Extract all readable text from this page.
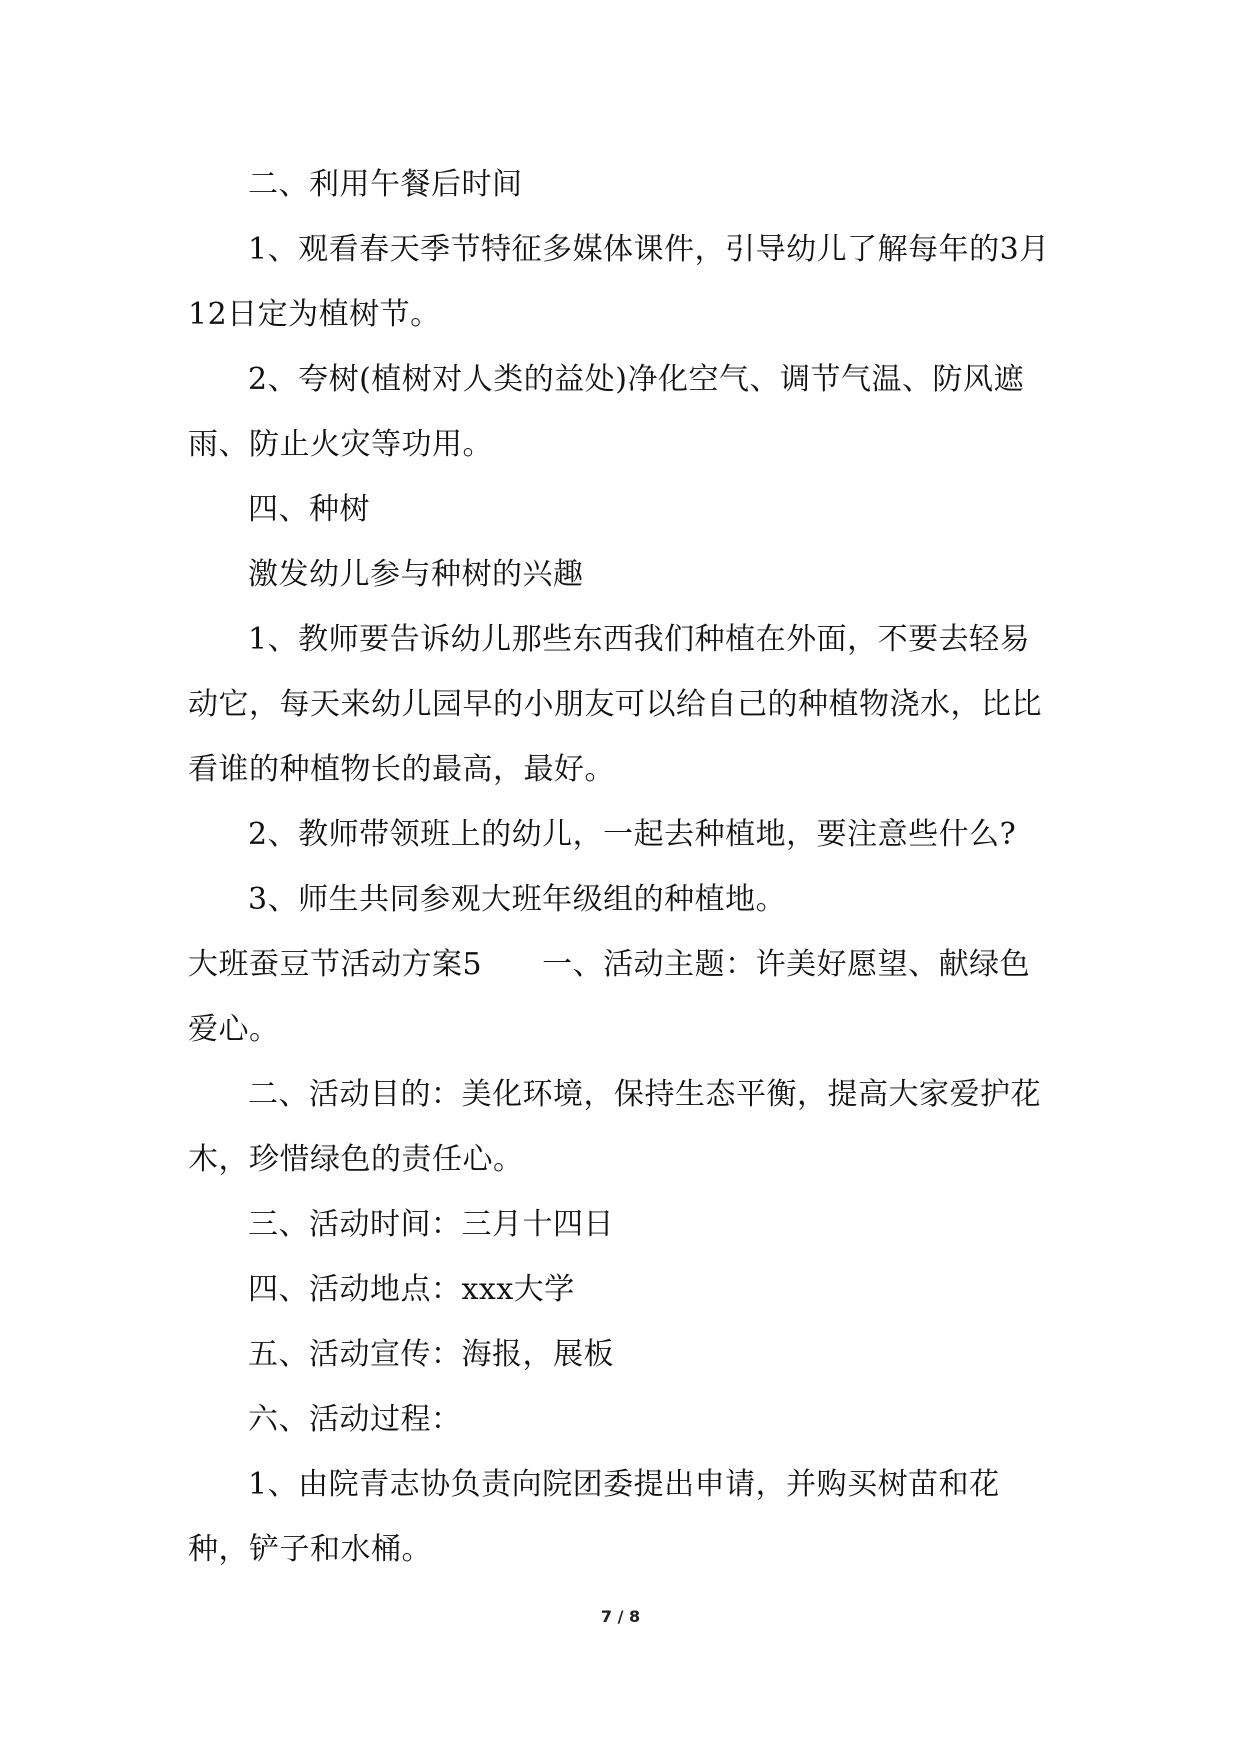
二、利用午餐后时间

1、观看春天季节特征多媒体课件，引导幼儿了解每年的3月12日定为植树节。

2、夸树(植树对人类的益处)净化空气、调节气温、防风遮雨、防止火灾等功用。

四、种树

激发幼儿参与种树的兴趣

1、教师要告诉幼儿那些东西我们种植在外面，不要去轻易动它，每天来幼儿园早的小朋友可以给自己的种植物浇水，比比看谁的种植物长的最高，最好。

2、教师带领班上的幼儿，一起去种植地，要注意些什么?

3、师生共同参观大班年级组的种植地。

大班蚕豆节活动方案5 一、活动主题：许美好愿望、献绿色爱心。

二、活动目的：美化环境，保持生态平衡，提高大家爱护花木，珍惜绿色的责任心。

三、活动时间：三月十四日

四、活动地点：xxx大学

五、活动宣传：海报，展板

六、活动过程：

1、由院青志协负责向院团委提出申请，并购买树苗和花种，铲子和水桶。

7 / 8
